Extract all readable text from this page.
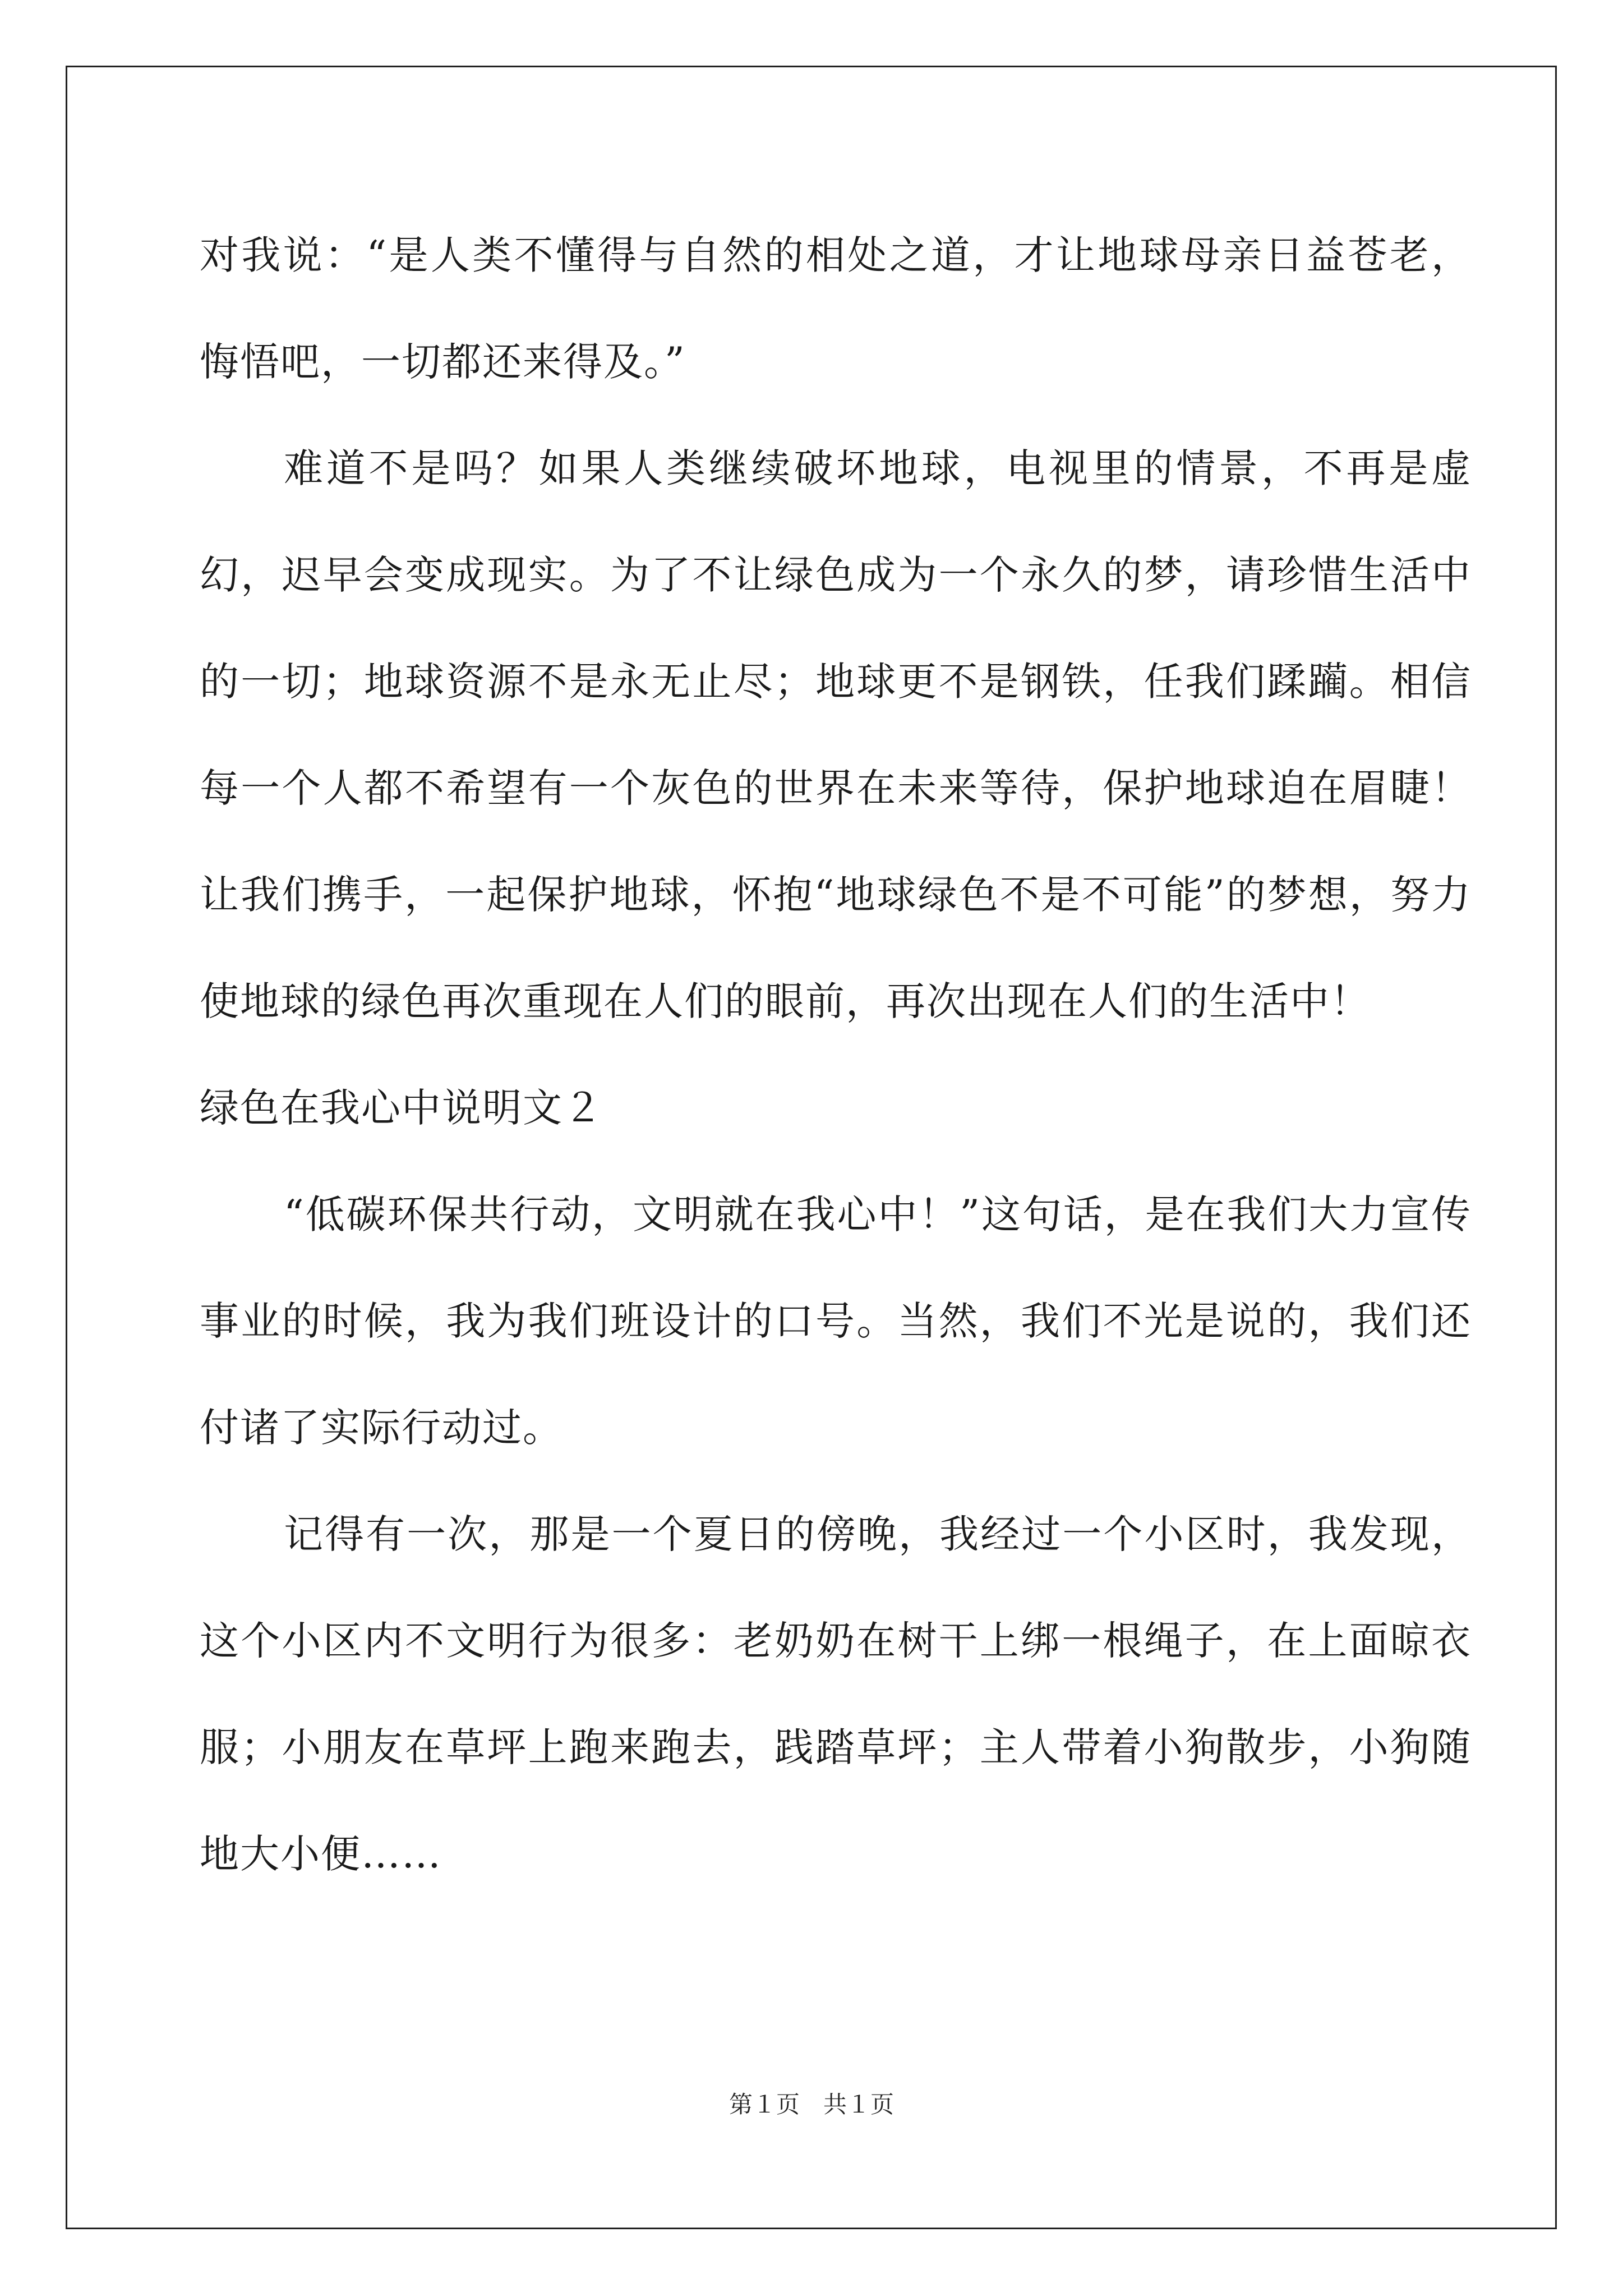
对我说：“是人类不懂得与自然的相处之道，才让地球母亲日益苍老，悔悟吧，一切都还来得及。”

难道不是吗？如果人类继续破坏地球，电视里的情景，不再是虚幻，迟早会变成现实。为了不让绿色成为一个永久的梦，请珍惜生活中的一切；地球资源不是永无止尽；地球更不是钢铁，任我们蹂躏。相信每一个人都不希望有一个灰色的世界在未来等待，保护地球迫在眉睫！让我们携手，一起保护地球，怀抱“地球绿色不是不可能”的梦想，努力使地球的绿色再次重现在人们的眼前，再次出现在人们的生活中！

绿色在我心中说明文２

“低碳环保共行动，文明就在我心中！”这句话，是在我们大力宣传事业的时候，我为我们班设计的口号。当然，我们不光是说的，我们还付诸了实际行动过。

记得有一次，那是一个夏日的傍晚，我经过一个小区时，我发现，这个小区内不文明行为很多：老奶奶在树干上绑一根绳子，在上面晾衣服；小朋友在草坪上跑来跑去，践踏草坪；主人带着小狗散步，小狗随地大小便……

第１页　共１页
